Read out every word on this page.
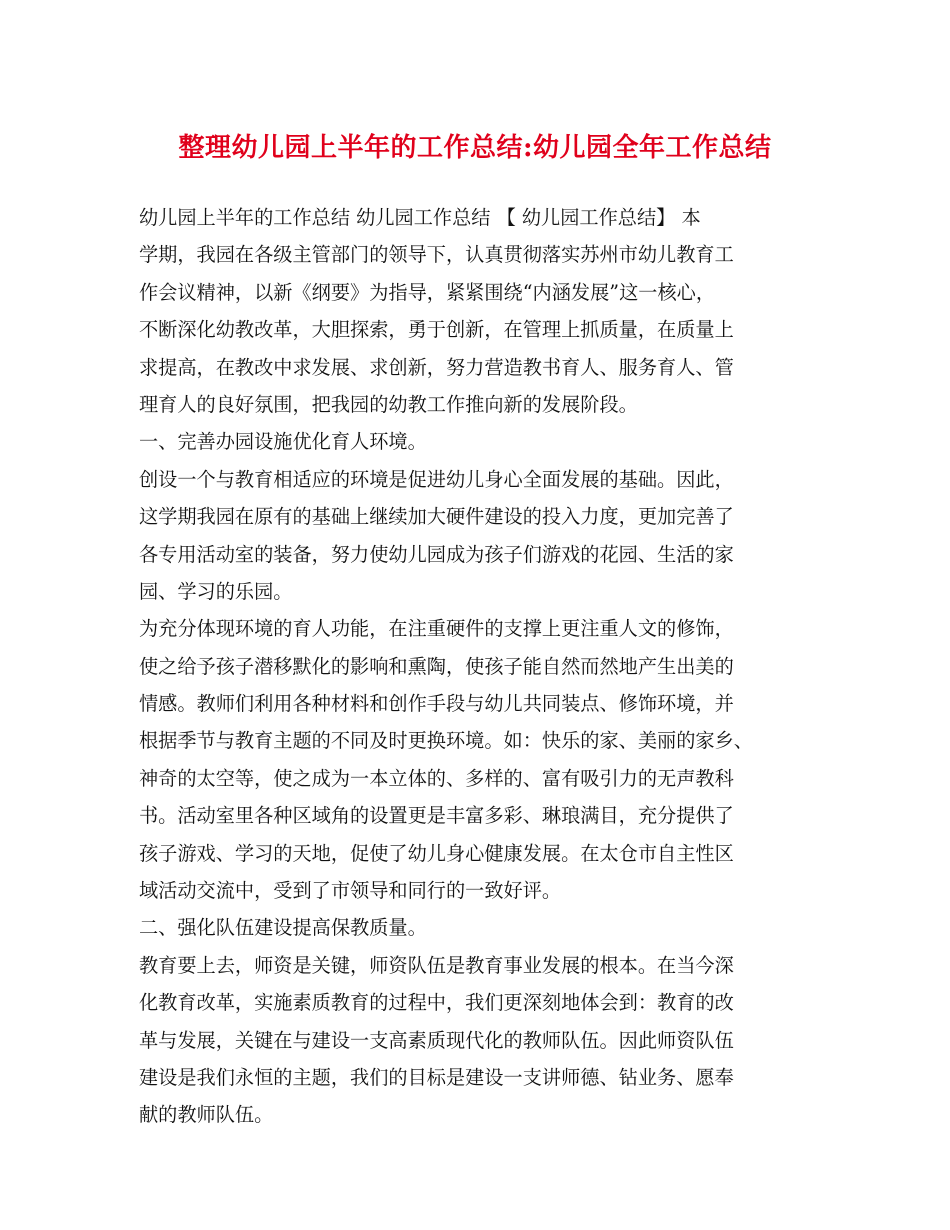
整理幼儿园上半年的工作总结:幼儿园全年工作总结
幼儿园上半年的工作总结 幼儿园工作总结 【 幼儿园工作总结】 本
学期，我园在各级主管部门的领导下，认真贯彻落实苏州市幼儿教育工
作会议精神，以新《纲要》为指导，紧紧围绕“内涵发展”这一核心，
不断深化幼教改革，大胆探索，勇于创新，在管理上抓质量，在质量上
求提高，在教改中求发展、求创新，努力营造教书育人、服务育人、管
理育人的良好氛围，把我园的幼教工作推向新的发展阶段。
一、完善办园设施优化育人环境。
创设一个与教育相适应的环境是促进幼儿身心全面发展的基础。因此，
这学期我园在原有的基础上继续加大硬件建设的投入力度，更加完善了
各专用活动室的装备，努力使幼儿园成为孩子们游戏的花园、生活的家
园、学习的乐园。
为充分体现环境的育人功能，在注重硬件的支撑上更注重人文的修饰，
使之给予孩子潜移默化的影响和熏陶，使孩子能自然而然地产生出美的
情感。教师们利用各种材料和创作手段与幼儿共同装点、修饰环境，并
根据季节与教育主题的不同及时更换环境。如：快乐的家、美丽的家乡、
神奇的太空等，使之成为一本立体的、多样的、富有吸引力的无声教科
书。活动室里各种区域角的设置更是丰富多彩、琳琅满目，充分提供了
孩子游戏、学习的天地，促使了幼儿身心健康发展。在太仓市自主性区
域活动交流中，受到了市领导和同行的一致好评。
二、强化队伍建设提高保教质量。
教育要上去，师资是关键，师资队伍是教育事业发展的根本。在当今深
化教育改革，实施素质教育的过程中，我们更深刻地体会到：教育的改
革与发展，关键在与建设一支高素质现代化的教师队伍。因此师资队伍
建设是我们永恒的主题，我们的目标是建设一支讲师德、钻业务、愿奉
献的教师队伍。
